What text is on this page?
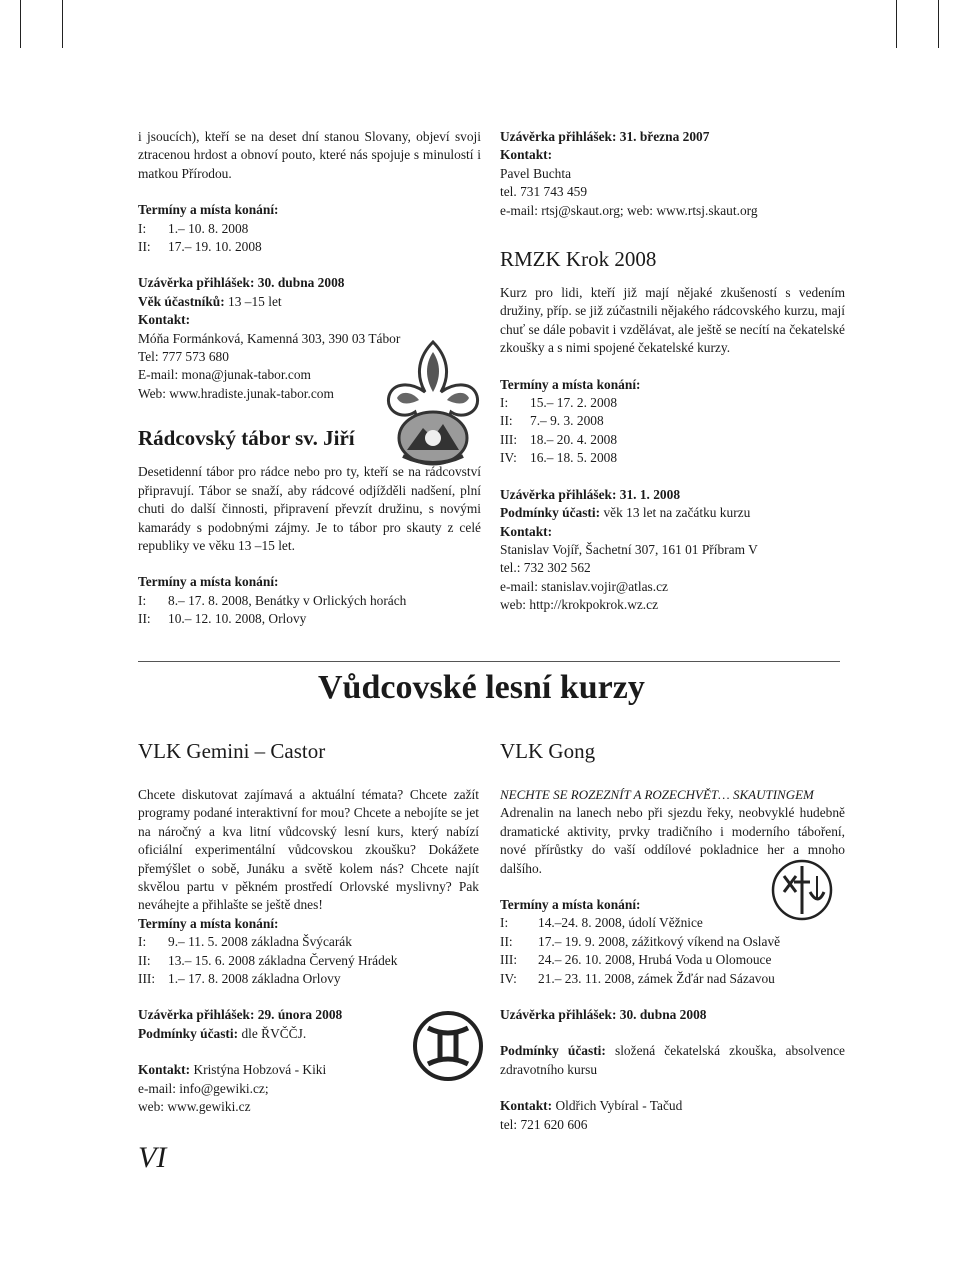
i jsoucích), kteří se na deset dní stanou Slovany, objeví svoji ztracenou hrdost a obnoví pouto, které nás spojuje s minulostí i matkou Přírodou.

Termíny a místa konání:
I: 1.– 10. 8. 2008
II: 17.– 19. 10. 2008
Uzávěrka přihlášek: 30. dubna 2008
Věk účastníků: 13 –15 let
Kontakt:
Móňa Formánková, Kamenná 303, 390 03 Tábor
Tel: 777 573 680
E-mail: mona@junak-tabor.com
Web: www.hradiste.junak-tabor.com
Rádcovský tábor sv. Jiří

Desetidenní tábor pro rádce nebo pro ty, kteří se na rádcovství připravují. Tábor se snaží, aby rádcové odjížděli nadšení, plní chuti do další činnosti, připravení převzít družinu, s novými kamarády s podobnými zájmy. Je to tábor pro skauty z celé republiky ve věku 13 –15 let.

Termíny a místa konání:
I: 8.– 17. 8. 2008, Benátky v Orlických horách
II: 10.– 12. 10. 2008, Orlovy
Uzávěrka přihlášek: 31. března 2007
Kontakt:
Pavel Buchta
tel. 731 743 459
e-mail: rtsj@skaut.org; web: www.rtsj.skaut.org
RMZK Krok 2008

Kurz pro lidi, kteří již mají nějaké zkušeností s vedením družiny, příp. se již zúčastnili nějakého rádcovského kurzu, mají chuť se dále pobavit i vzdělávat, ale ještě se necítí na čekatelské zkoušky a s nimi spojené čekatelské kurzy.

Termíny a místa konání:
I: 15.– 17. 2. 2008
II: 7.– 9. 3. 2008
III: 18.– 20. 4. 2008
IV: 16.– 18. 5. 2008
Uzávěrka přihlášek: 31. 1. 2008
Podmínky účasti: věk 13 let na začátku kurzu
Kontakt:
Stanislav Vojíř, Šachetní 307, 161 01 Příbram V
tel.: 732 302 562
e-mail: stanislav.vojir@atlas.cz
web: http://krokpokrok.wz.cz
Vůdcovské lesní kurzy
VLK Gemini – Castor

Chcete diskutovat zajímavá a aktuální témata? Chcete zažít programy podané interaktivní for mou? Chcete a nebojíte se jet na náročný a kva litní vůdcovský lesní kurs, který nabízí oficiální experimentální vůdcovskou zkoušku? Dokážete přemýšlet o sobě, Junáku a světě kolem nás? Chcete najít skvělou partu v pěkném prostředí Orlovské myslivny? Pak neváhejte a přihlašte se ještě dnes!

Termíny a místa konání:
I: 9.– 11. 5. 2008 základna Švýcarák
II: 13.– 15. 6. 2008 základna Červený Hrádek
III: 1.– 17. 8. 2008 základna Orlovy
Uzávěrka přihlášek: 29. února 2008
Podmínky účasti: dle ŘVČČJ.
Kontakt: Kristýna Hobzová - Kiki
e-mail: info@gewiki.cz;
web: www.gewiki.cz
VI
VLK Gong
NECHTE SE ROZEZNÍT A ROZECHVĚT… SKAUTINGEM

Adrenalin na lanech nebo při sjezdu řeky, neobvyklé hudebně dramatické aktivity, prvky tradičního i moderního táboření, nové přírůstky do vaší oddílové pokladnice her a mnoho dalšího.

Termíny a místa konání:
I: 14.–24. 8. 2008, údolí Věžnice
II: 17.– 19. 9. 2008, zážitkový víkend na Oslavě
III: 24.– 26. 10. 2008, Hrubá Voda u Olomouce
IV: 21.– 23. 11. 2008, zámek Žďár nad Sázavou
Uzávěrka přihlášek: 30. dubna 2008

Podmínky účasti: složená čekatelská zkouška, absolvence zdravotního kursu

Kontakt: Oldřich Vybíral - Tačud
tel: 721 620 606
